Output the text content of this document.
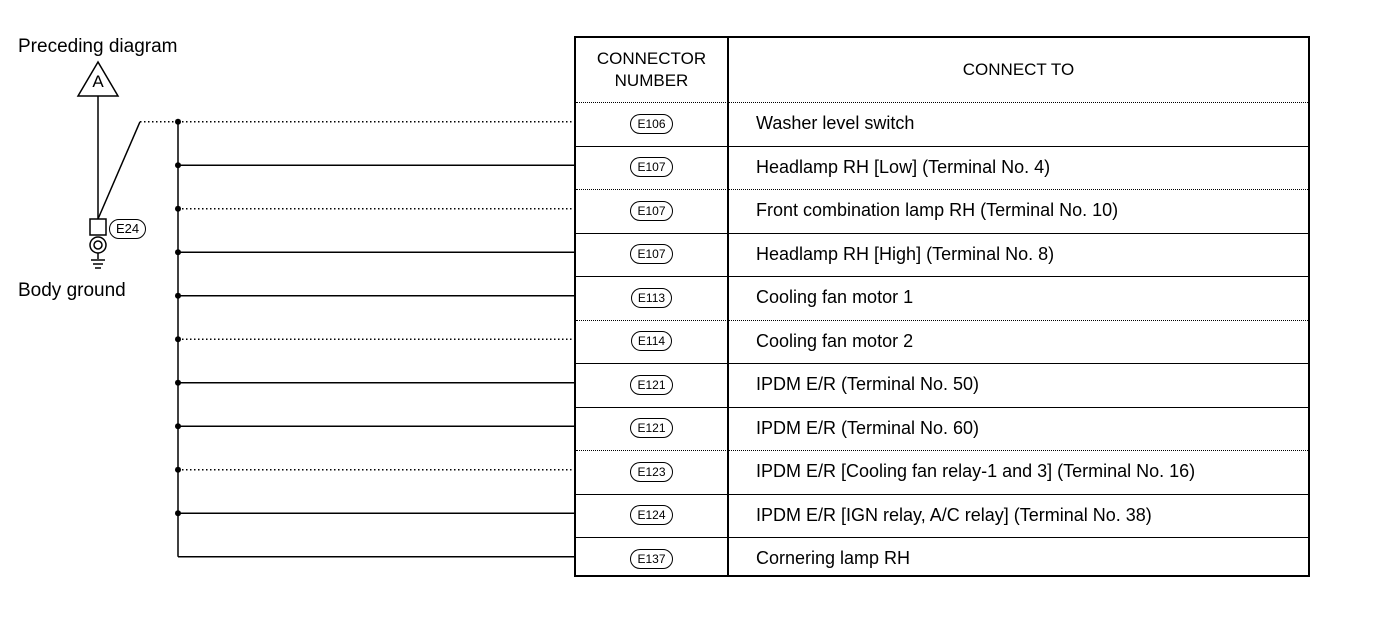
A
Preceding diagram
E24
Body ground
CONNECTOR NUMBER
CONNECT TO
E106	Washer level switch
E107	Headlamp RH [Low] (Terminal No. 4)
E107	Front combination lamp RH (Terminal No. 10)
E107	Headlamp RH [High] (Terminal No. 8)
E113	Cooling fan motor 1
E114	Cooling fan motor 2
E121	IPDM E/R (Terminal No. 50)
E121	IPDM E/R (Terminal No. 60)
E123	IPDM E/R [Cooling fan relay-1 and 3] (Terminal No. 16)
E124	IPDM E/R [IGN relay, A/C relay] (Terminal No. 38)
E137	Cornering lamp RH
